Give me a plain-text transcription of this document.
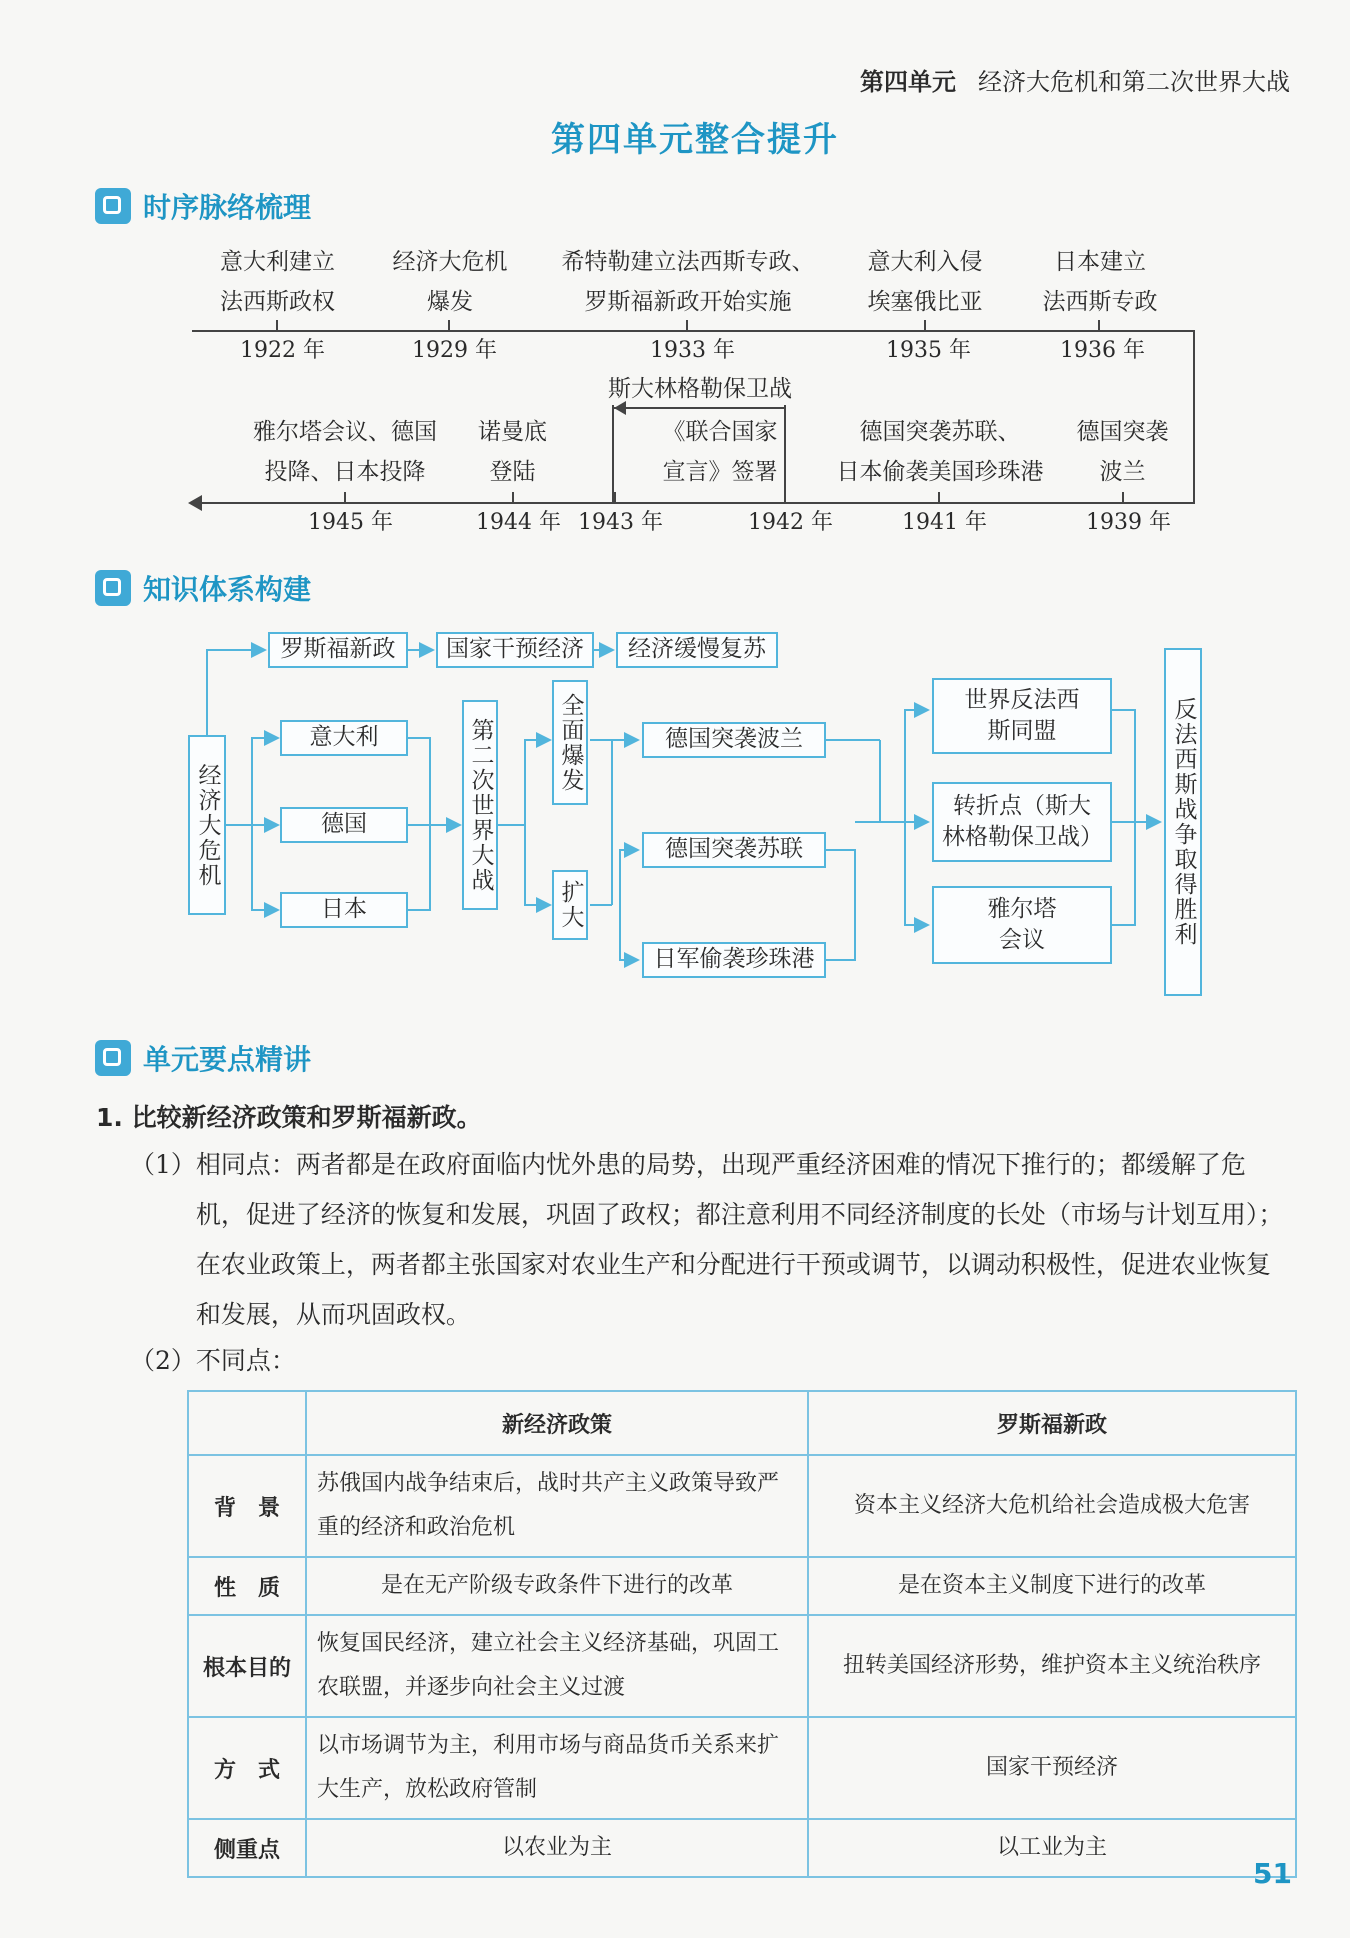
第四单元 经济大危机和第二次世界大战
第四单元整合提升
时序脉络梳理
意大利建立
法西斯政权
1922 年
经济大危机
爆发
1929 年
希特勒建立法西斯专政、
罗斯福新政开始实施
1933 年
意大利入侵
埃塞俄比亚
1935 年
日本建立
法西斯专政
1936 年
斯大林格勒保卫战
雅尔塔会议、德国
投降、日本投降
1945 年
诺曼底
登陆
1944 年 1943 年
《联合国家
宣言》签署
1942 年
德国突袭苏联、
日本偷袭美国珍珠港
1941 年
德国突袭
波兰
1939 年
知识体系构建
经济大危机
罗斯福新政	国家干预经济	经济缓慢复苏
意大利
德国
日本
第二次世界大战	全面爆发
扩大
德国突袭波兰
德国突袭苏联
日军偷袭珍珠港
世界反法西斯同盟
转折点（斯大林格勒保卫战）
雅尔塔会议	反法西斯战争取得胜利
单元要点精讲
1. 比较新经济政策和罗斯福新政。
（1） 相同点：两者都是在政府面临内忧外患的局势，出现严重经济困难的情况下推行的；都缓解了危机，促进了经济的恢复和发展，巩固了政权；都注意利用不同经济制度的长处（市场与计划互用）；在农业政策上，两者都主张国家对农业生产和分配进行干预或调节，以调动积极性，促进农业恢复和发展，从而巩固政权。
（2）不同点：
	新经济政策	罗斯福新政
背　景	苏俄国内战争结束后，战时共产主义政策导致严重的经济和政治危机	资本主义经济大危机给社会造成极大危害
性　质	是在无产阶级专政条件下进行的改革	是在资本主义制度下进行的改革
根本目的	恢复国民经济，建立社会主义经济基础，巩固工农联盟，并逐步向社会主义过渡	扭转美国经济形势，维护资本主义统治秩序
方　式	以市场调节为主，利用市场与商品货币关系来扩大生产，放松政府管制	国家干预经济
侧重点	以农业为主	以工业为主
51
